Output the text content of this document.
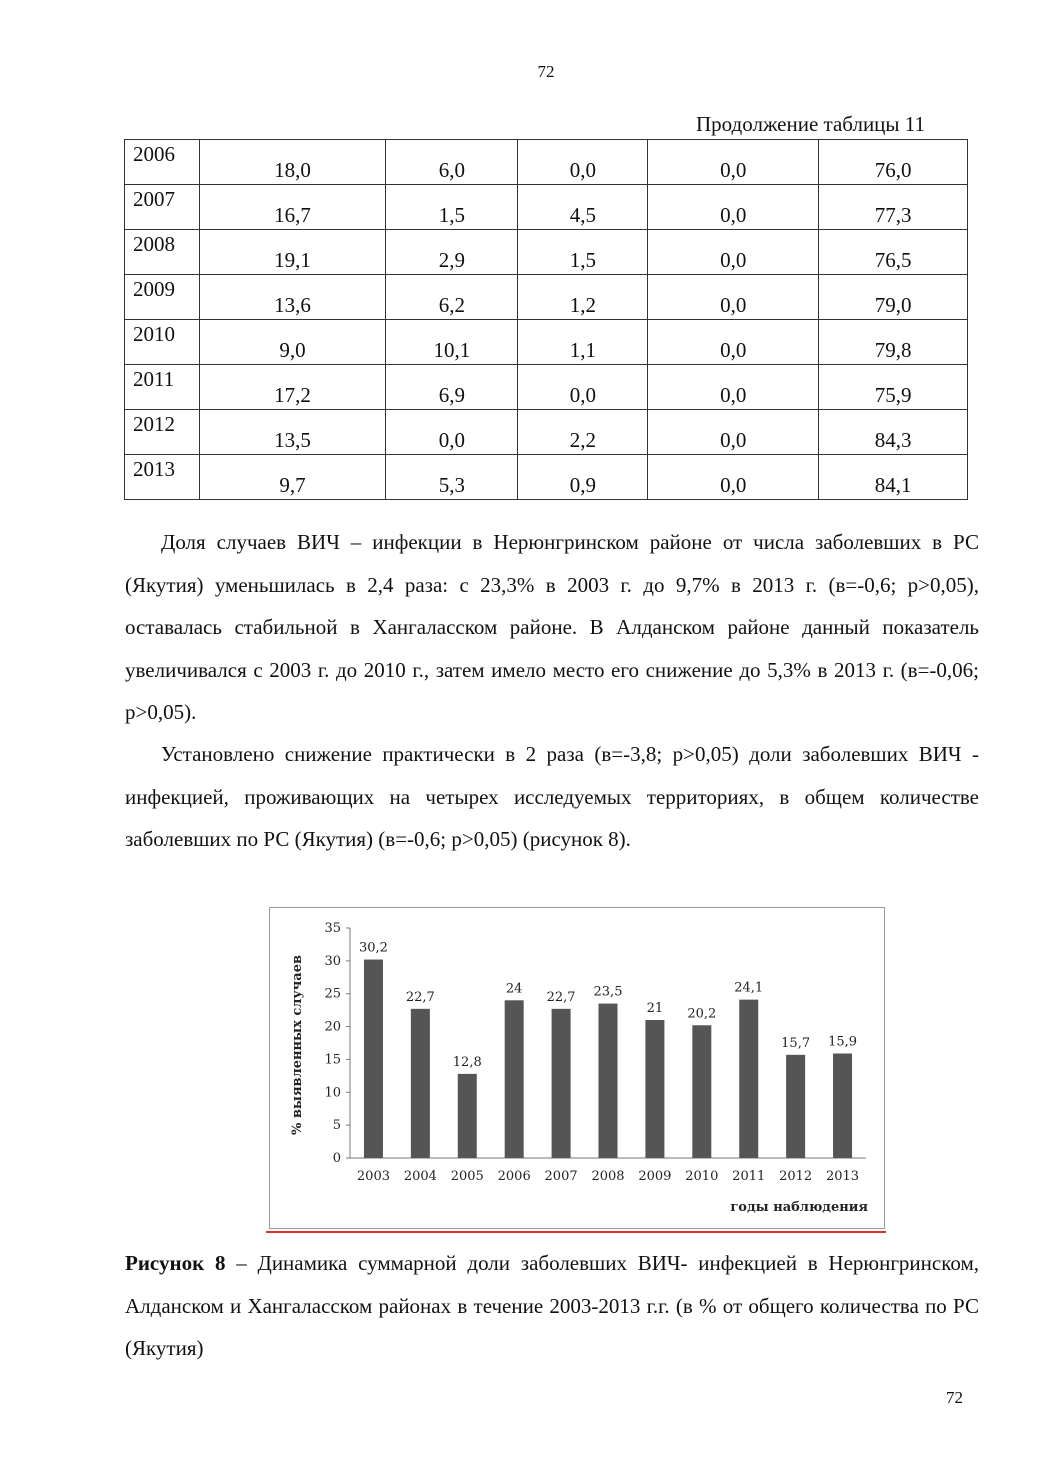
72
Продолжение таблицы 11
2006	18,0	6,0	0,0	0,0	76,0
2007	16,7	1,5	4,5	0,0	77,3
2008	19,1	2,9	1,5	0,0	76,5
2009	13,6	6,2	1,2	0,0	79,0
2010	9,0	10,1	1,1	0,0	79,8
2011	17,2	6,9	0,0	0,0	75,9
2012	13,5	0,0	2,2	0,0	84,3
2013	9,7	5,3	0,9	0,0	84,1

Доля случаев ВИЧ – инфекции в Нерюнгринском районе от числа заболевших в РС (Якутия) уменьшилась в 2,4 раза: с 23,3% в 2003 г. до 9,7% в 2013 г. (в=-0,6; p>0,05), оставалась стабильной в Хангаласском районе. В Алданском районе данный показатель увеличивался с 2003 г. до 2010 г., затем имело место его снижение до 5,3% в 2013 г. (в=-0,06; p>0,05).

Установлено снижение практически в 2 раза (в=-3,8; p>0,05) доли заболевших ВИЧ - инфекцией, проживающих на четырех исследуемых территориях, в общем количестве заболевших по РС (Якутия) (в=-0,6; p>0,05) (рисунок 8).

0
5
10
15
20
25
30
35
30,2
2003
22,7
2004
12,8
2005
24
2006
22,7
2007
23,5
2008
21
2009
20,2
2010
24,1
2011
15,7
2012
15,9
2013
% выявленных случаев
годы наблюдения

Рисунок 8 – Динамика суммарной доли заболевших ВИЧ- инфекцией в Нерюнгринском, Алданском и Хангаласском районах в течение 2003-2013 г.г. (в % от общего количества по РС (Якутия)

72
